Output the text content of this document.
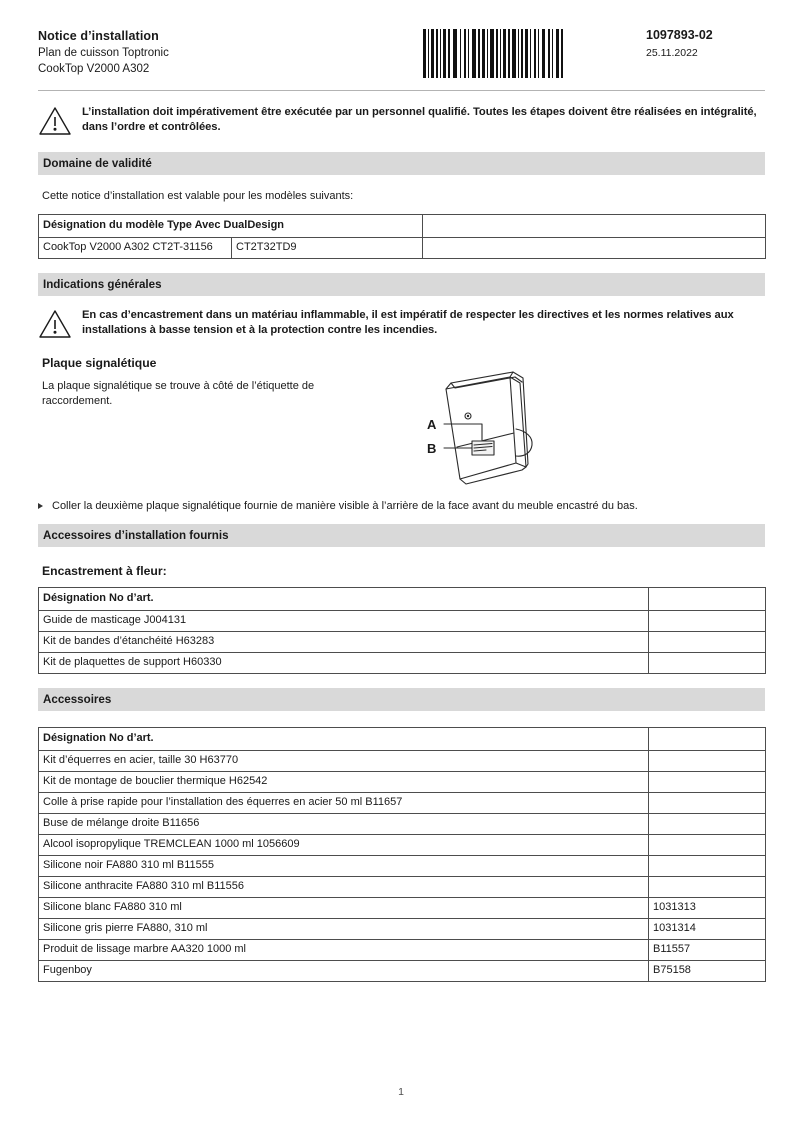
Notice d’installation
Plan de cuisson Toptronic
CookTop V2000 A302
1097893-02
25.11.2022
L’installation doit impérativement être exécutée par un personnel qualifié. Toutes les étapes doivent être réalisées en intégralité, dans l’ordre et contrôlées.
Domaine de validité
Cette notice d’installation est valable pour les modèles suivants:
Désignation du modèle Type Avec DualDesign		
CookTop V2000 A302 CT2T-31156	CT2T32TD9	
Indications générales
En cas d’encastrement dans un matériau inflammable, il est impératif de respecter les directives et les normes relatives aux installations à basse tension et à la protection contre les incendies.
Plaque signalétique
La plaque signalétique se trouve à côté de l’étiquette de raccordement.
A
B
Coller la deuxième plaque signalétique fournie de manière visible à l’arrière de la face avant du meuble encastré du bas.
Accessoires d’installation fournis
Encastrement à fleur:
Désignation No d’art.	
Guide de masticage J004131	
Kit de bandes d’étanchéité H63283	
Kit de plaquettes de support H60330	
Accessoires
Désignation No d’art.	
Kit d’équerres en acier, taille 30 H63770	
Kit de montage de bouclier thermique H62542	
Colle à prise rapide pour l’installation des équerres en acier 50 ml B11657	
Buse de mélange droite B11656	
Alcool isopropylique TREMCLEAN 1000 ml 1056609	
Silicone noir FA880 310 ml B11555	
Silicone anthracite FA880 310 ml B11556	
Silicone blanc FA880 310 ml	1031313
Silicone gris pierre FA880, 310 ml	1031314
Produit de lissage marbre AA320 1000 ml	B11557
Fugenboy	B75158
1
